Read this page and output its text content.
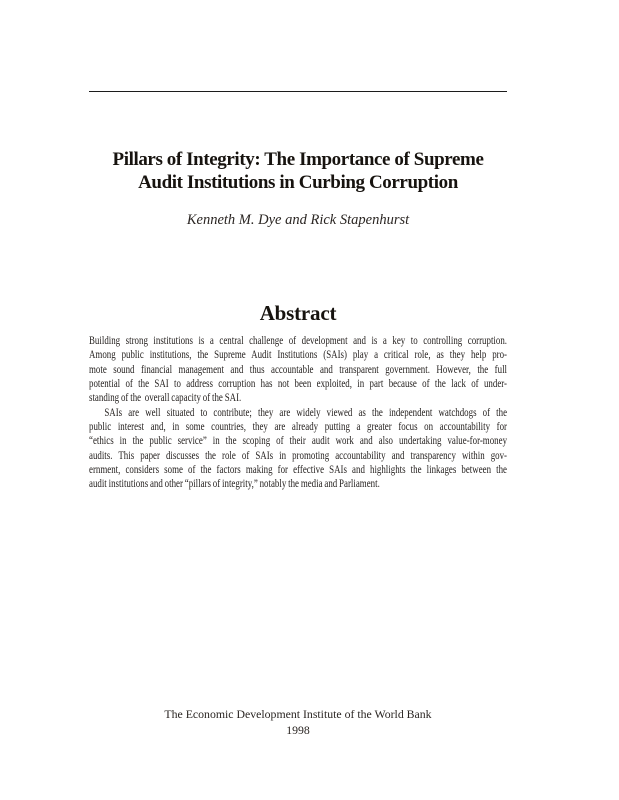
Pillars of Integrity: The Importance of Supreme
Audit Institutions in Curbing Corruption
Kenneth M. Dye and Rick Stapenhurst
Abstract
Building strong institutions is a central challenge of development and is a key to controlling corruption.
Among public institutions, the Supreme Audit Institutions (SAIs) play a critical role, as they help pro-
mote sound financial management and thus accountable and transparent government. However, the full
potential of the SAI to address corruption has not been exploited, in part because of the lack of under-
standing of the  overall capacity of the SAI.
SAIs are well situated to contribute; they are widely viewed as the independent watchdogs of the
public interest and, in some countries, they are already putting a greater focus on accountability for
“ethics in the public service” in the scoping of their audit work and also undertaking value-for-money
audits. This paper discusses the role of SAIs in promoting accountability and transparency within gov-
ernment, considers some of the factors making for effective SAIs and highlights the linkages between the
audit institutions and other “pillars of integrity,” notably the media and Parliament.
The Economic Development Institute of the World Bank
1998
